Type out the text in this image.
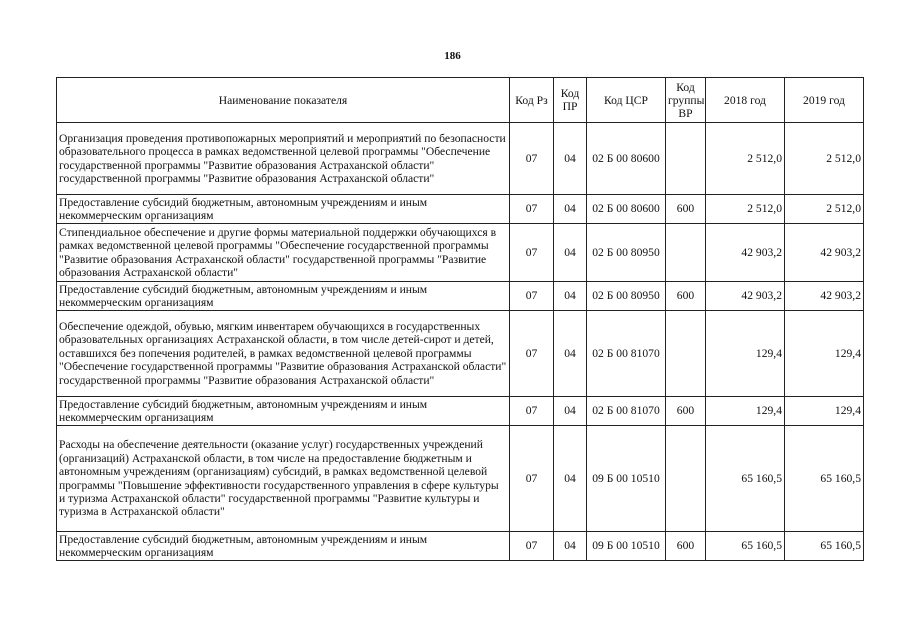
186
Наименование показателя	Код Рз	Код ПР	Код ЦСР	Код группы ВР	2018 год	2019 год
Организация проведения противопожарных мероприятий и мероприятий по безопасности образовательного процесса в рамках ведомственной целевой программы "Обеспечение государственной программы "Развитие образования Астраханской области" государственной программы "Развитие образования Астраханской области"	07	04	02 Б 00 80600		2 512,0	2 512,0
Предоставление субсидий бюджетным, автономным учреждениям и иным некоммерческим организациям	07	04	02 Б 00 80600	600	2 512,0	2 512,0
Стипендиальное обеспечение и другие формы материальной поддержки обучающихся в рамках ведомственной целевой программы "Обеспечение государственной программы "Развитие образования Астраханской области" государственной программы "Развитие образования Астраханской области"	07	04	02 Б 00 80950		42 903,2	42 903,2
Предоставление субсидий бюджетным, автономным учреждениям и иным некоммерческим организациям	07	04	02 Б 00 80950	600	42 903,2	42 903,2
Обеспечение одеждой, обувью, мягким инвентарем обучающихся в государственных образовательных организациях Астраханской области, в том числе детей-сирот и детей, оставшихся без попечения родителей, в рамках ведомственной целевой программы "Обеспечение государственной программы "Развитие образования Астраханской области" государственной программы "Развитие образования Астраханской области"	07	04	02 Б 00 81070		129,4	129,4
Предоставление субсидий бюджетным, автономным учреждениям и иным некоммерческим организациям	07	04	02 Б 00 81070	600	129,4	129,4
Расходы на обеспечение деятельности (оказание услуг) государственных учреждений (организаций) Астраханской области, в том числе на предоставление бюджетным и автономным учреждениям (организациям) субсидий, в рамках ведомственной целевой программы "Повышение эффективности государственного управления в сфере культуры и туризма Астраханской области" государственной программы "Развитие культуры и туризма в Астраханской области"	07	04	09 Б 00 10510		65 160,5	65 160,5
Предоставление субсидий бюджетным, автономным учреждениям и иным некоммерческим организациям	07	04	09 Б 00 10510	600	65 160,5	65 160,5
